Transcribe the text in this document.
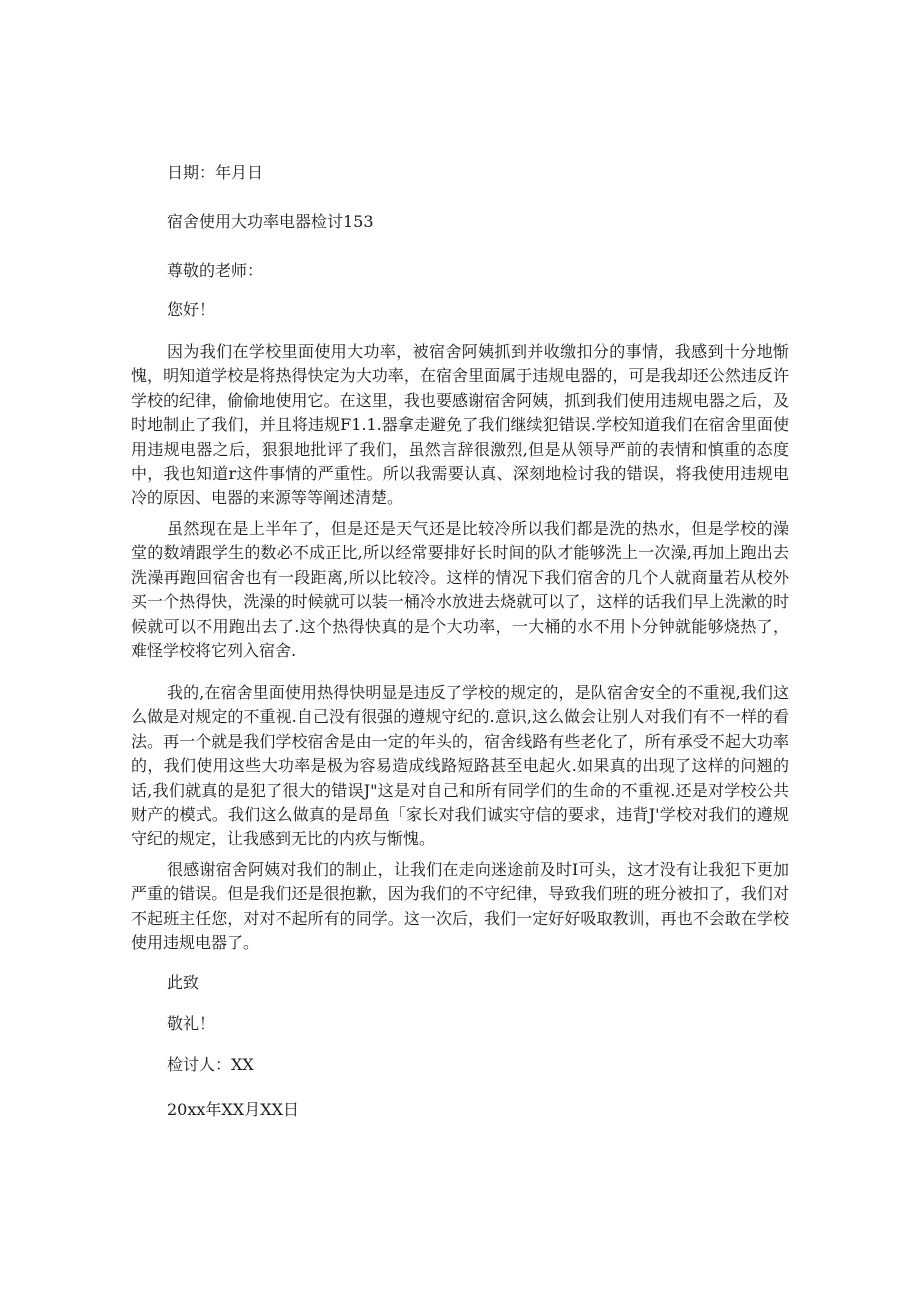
日期：年月日
宿舍使用大功率电器检讨153
尊敬的老师：
您好！

因为我们在学校里面使用大功率，被宿舍阿姨抓到并收缴扣分的事情，我感到十分地惭愧，明知道学校是将热得快定为大功率，在宿舍里面属于违规电器的，可是我却还公然违反许学校的纪律，偷偷地使用它。在这里，我也要感谢宿舍阿姨，抓到我们使用违规电器之后，及时地制止了我们，并且将违规F1.1.器拿走避免了我们继续犯错误.学校知道我们在宿舍里面使用违规电器之后，狠狠地批评了我们，虽然言辞很激烈,但是从领导严前的表情和慎重的态度中，我也知道r这件事情的严重性。所以我需要认真、深刻地检讨我的错误，将我使用违规电冷的原因、电器的来源等等阐述清楚。

虽然现在是上半年了，但是还是天气还是比较冷所以我们都是洗的热水，但是学校的澡堂的数靖跟学生的数必不成正比,所以经常要排好长时间的队才能够洗上一次澡,再加上跑出去洗澡再跑回宿舍也有一段距离,所以比较冷。这样的情况下我们宿舍的几个人就商量若从校外买一个热得快，洗澡的时候就可以装一桶冷水放进去烧就可以了，这样的话我们早上洗漱的时候就可以不用跑出去了.这个热得快真的是个大功率，一大桶的水不用卜分钟就能够烧热了，难怪学校将它列入宿舍.

我的,在宿舍里面使用热得快明显是违反了学校的规定的，是队宿舍安全的不重视,我们这么做是对规定的不重视.自己没有很强的遵规守纪的.意识,这么做会让别人对我们有不一样的看法。再一个就是我们学校宿舍是由一定的年头的，宿舍线路有些老化了，所有承受不起大功率的，我们使用这些大功率是极为容易造成线路短路甚至电起火.如果真的出现了这样的问翘的话,我们就真的是犯了很大的错误J"这是对自己和所有同学们的生命的不重视.还是对学校公共财产的模式。我们这么做真的是昂鱼「家长对我们诚实守信的要求，违背J'学校对我们的遵规守纪的规定，让我感到无比的内疚与惭愧。

很感谢宿舍阿姨对我们的制止，让我们在走向迷途前及时I可头，这才没有让我犯下更加严重的错误。但是我们还是很抱歉，因为我们的不守纪律，导致我们班的班分被扣了，我们对不起班主任您，对对不起所有的同学。这一次后，我们一定好好吸取教训，再也不会敢在学校使用违规电器了。

此致
敬礼！
检讨人：XX
20xx年XX月XX日
